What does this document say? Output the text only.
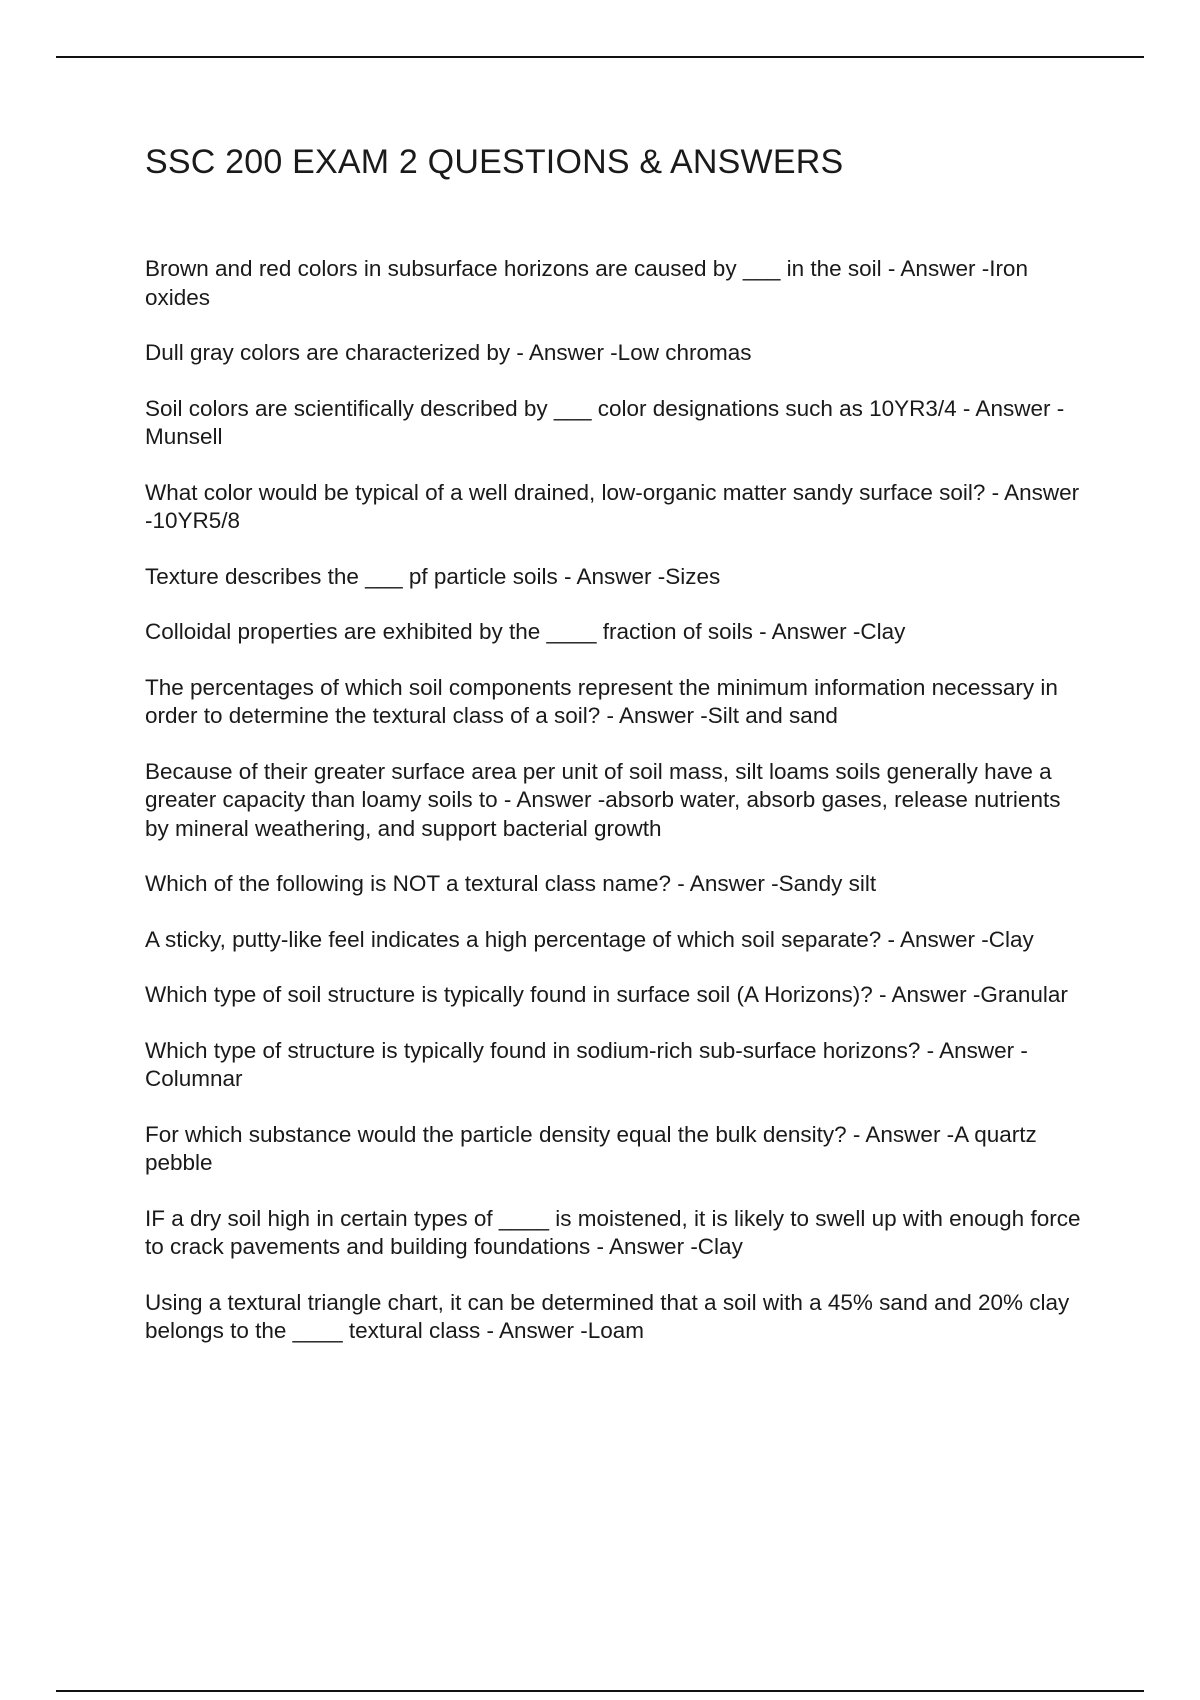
SSC 200 EXAM 2 QUESTIONS & ANSWERS
Brown and red colors in subsurface horizons are caused by ___ in the soil - Answer -Iron oxides
Dull gray colors are characterized by - Answer -Low chromas
Soil colors are scientifically described by ___ color designations such as 10YR3/4 - Answer -Munsell
What color would be typical of a well drained, low-organic matter sandy surface soil? - Answer -10YR5/8
Texture describes the ___ pf particle soils - Answer -Sizes
Colloidal properties are exhibited by the ____ fraction of soils - Answer -Clay
The percentages of which soil components represent the minimum information necessary in order to determine the textural class of a soil? - Answer -Silt and sand
Because of their greater surface area per unit of soil mass, silt loams soils generally have a greater capacity than loamy soils to - Answer -absorb water, absorb gases, release nutrients by mineral weathering, and support bacterial growth
Which of the following is NOT a textural class name? - Answer -Sandy silt
A sticky, putty-like feel indicates a high percentage of which soil separate? - Answer -Clay
Which type of soil structure is typically found in surface soil (A Horizons)? - Answer -Granular
Which type of structure is typically found in sodium-rich sub-surface horizons? - Answer -Columnar
For which substance would the particle density equal the bulk density? - Answer -A quartz pebble
IF a dry soil high in certain types of ____ is moistened, it is likely to swell up with enough force to crack pavements and building foundations - Answer -Clay
Using a textural triangle chart, it can be determined that a soil with a 45% sand and 20% clay belongs to the ____ textural class - Answer -Loam
